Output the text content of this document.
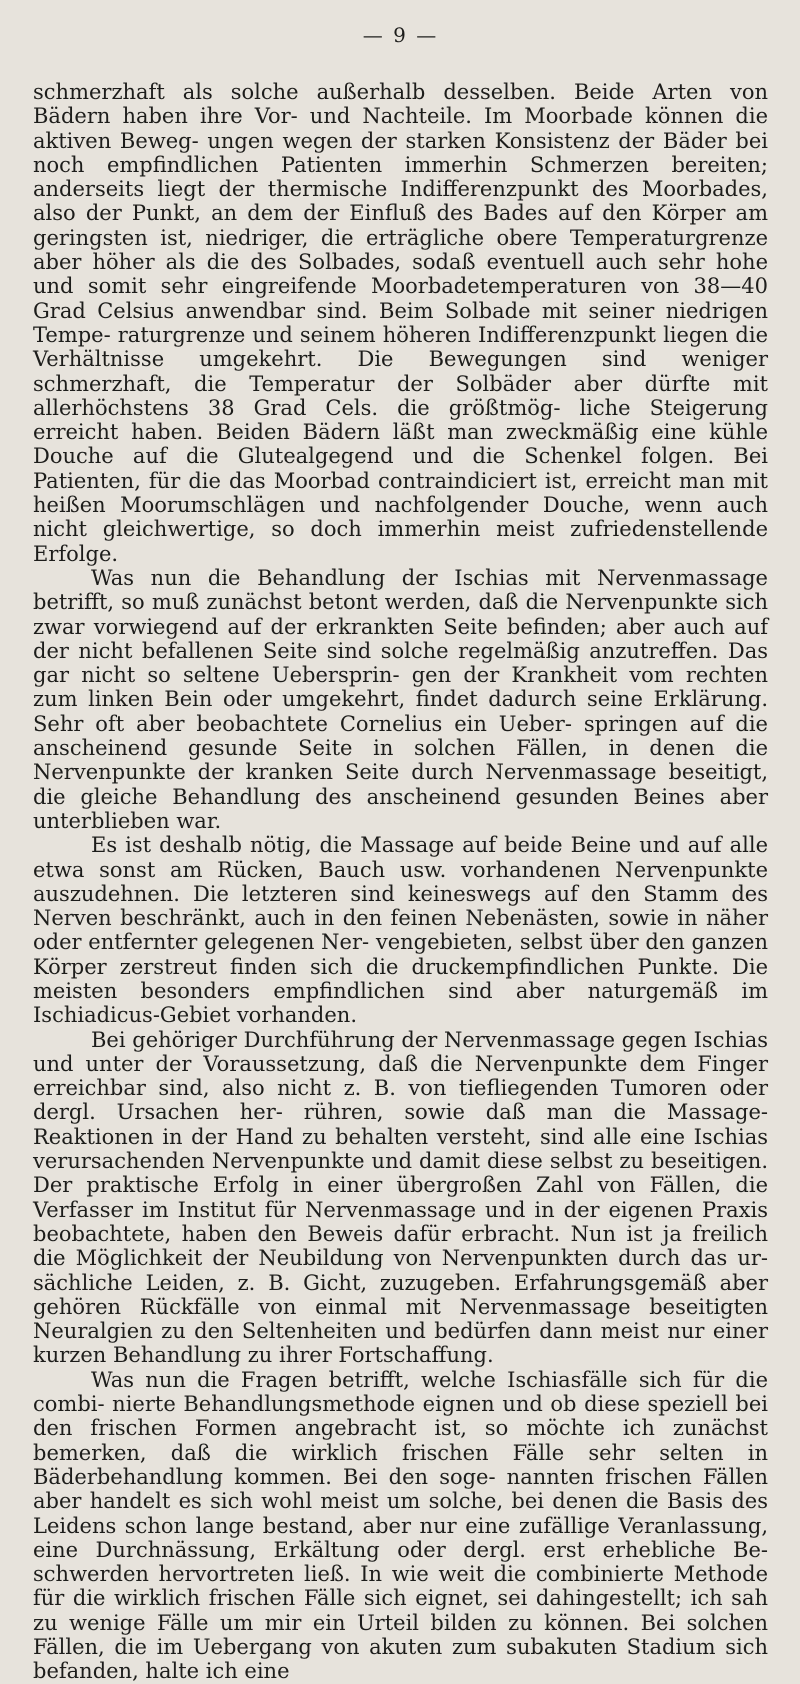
— 9 —

schmerzhaft als solche außerhalb desselben. Beide Arten von Bädern haben ihre Vor- und Nachteile. Im Moorbade können die aktiven Beweg- ungen wegen der starken Konsistenz der Bäder bei noch empfindlichen Patienten immerhin Schmerzen bereiten; anderseits liegt der thermische Indifferenzpunkt des Moorbades, also der Punkt, an dem der Einfluß des Bades auf den Körper am geringsten ist, niedriger, die erträgliche obere Temperaturgrenze aber höher als die des Solbades, sodaß eventuell auch sehr hohe und somit sehr eingreifende Moorbadetemperaturen von 38—40 Grad Celsius anwendbar sind. Beim Solbade mit seiner niedrigen Tempe- raturgrenze und seinem höheren Indifferenzpunkt liegen die Verhältnisse umgekehrt. Die Bewegungen sind weniger schmerzhaft, die Temperatur der Solbäder aber dürfte mit allerhöchstens 38 Grad Cels. die größtmög- liche Steigerung erreicht haben. Beiden Bädern läßt man zweckmäßig eine kühle Douche auf die Glutealgegend und die Schenkel folgen. Bei Patienten, für die das Moorbad contraindiciert ist, erreicht man mit heißen Moorumschlägen und nachfolgender Douche, wenn auch nicht gleichwertige, so doch immerhin meist zufriedenstellende Erfolge.

Was nun die Behandlung der Ischias mit Nervenmassage betrifft, so muß zunächst betont werden, daß die Nervenpunkte sich zwar vorwiegend auf der erkrankten Seite befinden; aber auch auf der nicht befallenen Seite sind solche regelmäßig anzutreffen. Das gar nicht so seltene Uebersprin- gen der Krankheit vom rechten zum linken Bein oder umgekehrt, findet dadurch seine Erklärung. Sehr oft aber beobachtete Cornelius ein Ueber- springen auf die anscheinend gesunde Seite in solchen Fällen, in denen die Nervenpunkte der kranken Seite durch Nervenmassage beseitigt, die gleiche Behandlung des anscheinend gesunden Beines aber unterblieben war.

Es ist deshalb nötig, die Massage auf beide Beine und auf alle etwa sonst am Rücken, Bauch usw. vorhandenen Nervenpunkte auszudehnen. Die letzteren sind keineswegs auf den Stamm des Nerven beschränkt, auch in den feinen Nebenästen, sowie in näher oder entfernter gelegenen Ner- vengebieten, selbst über den ganzen Körper zerstreut finden sich die druckempfindlichen Punkte. Die meisten besonders empfindlichen sind aber naturgemäß im Ischiadicus-Gebiet vorhanden.

Bei gehöriger Durchführung der Nervenmassage gegen Ischias und unter der Voraussetzung, daß die Nervenpunkte dem Finger erreichbar sind, also nicht z. B. von tiefliegenden Tumoren oder dergl. Ursachen her- rühren, sowie daß man die Massage-Reaktionen in der Hand zu behalten versteht, sind alle eine Ischias verursachenden Nervenpunkte und damit diese selbst zu beseitigen. Der praktische Erfolg in einer übergroßen Zahl von Fällen, die Verfasser im Institut für Nervenmassage und in der eigenen Praxis beobachtete, haben den Beweis dafür erbracht. Nun ist ja freilich die Möglichkeit der Neubildung von Nervenpunkten durch das ur- sächliche Leiden, z. B. Gicht, zuzugeben. Erfahrungsgemäß aber gehören Rückfälle von einmal mit Nervenmassage beseitigten Neuralgien zu den Seltenheiten und bedürfen dann meist nur einer kurzen Behandlung zu ihrer Fortschaffung.

Was nun die Fragen betrifft, welche Ischiasfälle sich für die combi- nierte Behandlungsmethode eignen und ob diese speziell bei den frischen Formen angebracht ist, so möchte ich zunächst bemerken, daß die wirklich frischen Fälle sehr selten in Bäderbehandlung kommen. Bei den soge- nannten frischen Fällen aber handelt es sich wohl meist um solche, bei denen die Basis des Leidens schon lange bestand, aber nur eine zufällige Veranlassung, eine Durchnässung, Erkältung oder dergl. erst erhebliche Be- schwerden hervortreten ließ. In wie weit die combinierte Methode für die wirklich frischen Fälle sich eignet, sei dahingestellt; ich sah zu wenige Fälle um mir ein Urteil bilden zu können. Bei solchen Fällen, die im Uebergang von akuten zum subakuten Stadium sich befanden, halte ich eine
